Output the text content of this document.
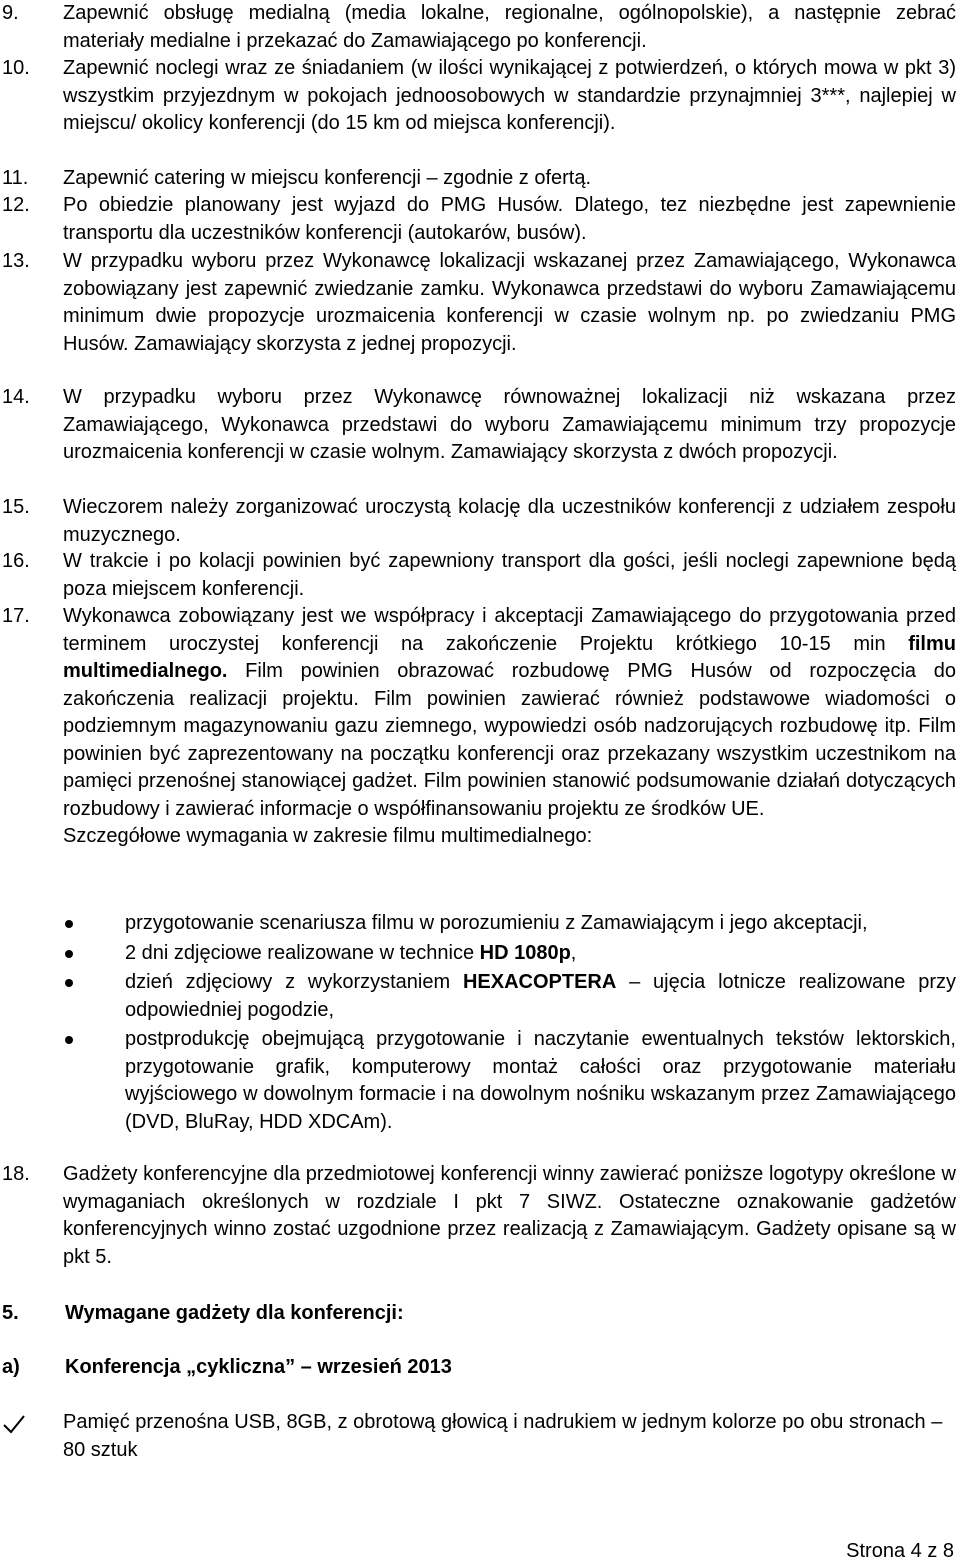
9.	Zapewnić obsługę medialną (media lokalne, regionalne, ogólnopolskie), a następnie zebrać materiały medialne i przekazać do Zamawiającego po konferencji.
10.	Zapewnić noclegi wraz ze śniadaniem (w ilości wynikającej z potwierdzeń, o których mowa w pkt 3) wszystkim przyjezdnym w pokojach jednoosobowych w standardzie przynajmniej 3***, najlepiej w miejscu/ okolicy konferencji (do 15 km od miejsca konferencji).
11.	Zapewnić catering w miejscu konferencji – zgodnie z ofertą.
12.	Po obiedzie planowany jest wyjazd do PMG Husów. Dlatego, tez niezbędne jest zapewnienie transportu dla uczestników konferencji (autokarów, busów).
13.	W przypadku wyboru przez Wykonawcę lokalizacji wskazanej przez Zamawiającego, Wykonawca zobowiązany jest zapewnić zwiedzanie zamku. Wykonawca przedstawi do wyboru Zamawiającemu minimum dwie propozycje urozmaicenia konferencji w czasie wolnym np. po zwiedzaniu PMG Husów. Zamawiający skorzysta z jednej propozycji.
14.	W przypadku wyboru przez Wykonawcę równoważnej lokalizacji niż wskazana przez Zamawiającego, Wykonawca przedstawi do wyboru Zamawiającemu minimum trzy propozycje urozmaicenia konferencji w czasie wolnym. Zamawiający skorzysta z dwóch propozycji.
15.	Wieczorem należy zorganizować uroczystą kolację dla uczestników konferencji z udziałem zespołu muzycznego.
16.	W trakcie i po kolacji powinien być zapewniony transport dla gości, jeśli noclegi zapewnione będą poza miejscem konferencji.
17.	Wykonawca zobowiązany jest we współpracy i akceptacji Zamawiającego do przygotowania przed terminem uroczystej konferencji na zakończenie Projektu krótkiego 10-15 min filmu multimedialnego. Film powinien obrazować rozbudowę PMG Husów od rozpoczęcia do zakończenia realizacji projektu. Film powinien zawierać również podstawowe wiadomości o podziemnym magazynowaniu gazu ziemnego, wypowiedzi osób nadzorujących rozbudowę itp. Film powinien być zaprezentowany na początku konferencji oraz przekazany wszystkim uczestnikom na pamięci przenośnej stanowiącej gadżet. Film powinien stanowić podsumowanie działań dotyczących rozbudowy i zawierać informacje o współfinansowaniu projektu ze środków UE.
Szczegółowe wymagania w zakresie filmu multimedialnego:
przygotowanie scenariusza filmu w porozumieniu z Zamawiającym i jego akceptacji,
2 dni zdjęciowe realizowane w technice HD 1080p,
dzień zdjęciowy z wykorzystaniem HEXACOPTERA – ujęcia lotnicze realizowane przy odpowiedniej pogodzie,
postprodukcję obejmującą przygotowanie i naczytanie ewentualnych tekstów lektorskich, przygotowanie grafik, komputerowy montaż całości oraz przygotowanie materiału wyjściowego w dowolnym formacie i na dowolnym nośniku wskazanym przez Zamawiającego (DVD, BluRay, HDD XDCAm).
18.	Gadżety konferencyjne dla przedmiotowej konferencji winny zawierać poniższe logotypy określone w wymaganiach określonych w rozdziale I pkt 7 SIWZ. Ostateczne oznakowanie gadżetów konferencyjnych winno zostać uzgodnione przez realizacją z Zamawiającym. Gadżety opisane są w pkt 5.
5. Wymagane gadżety dla konferencji:
a) Konferencja „cykliczna” – wrzesień 2013
Pamięć przenośna USB, 8GB, z obrotową głowicą i nadrukiem w jednym kolorze po obu stronach – 80 sztuk
Strona 4 z 8
